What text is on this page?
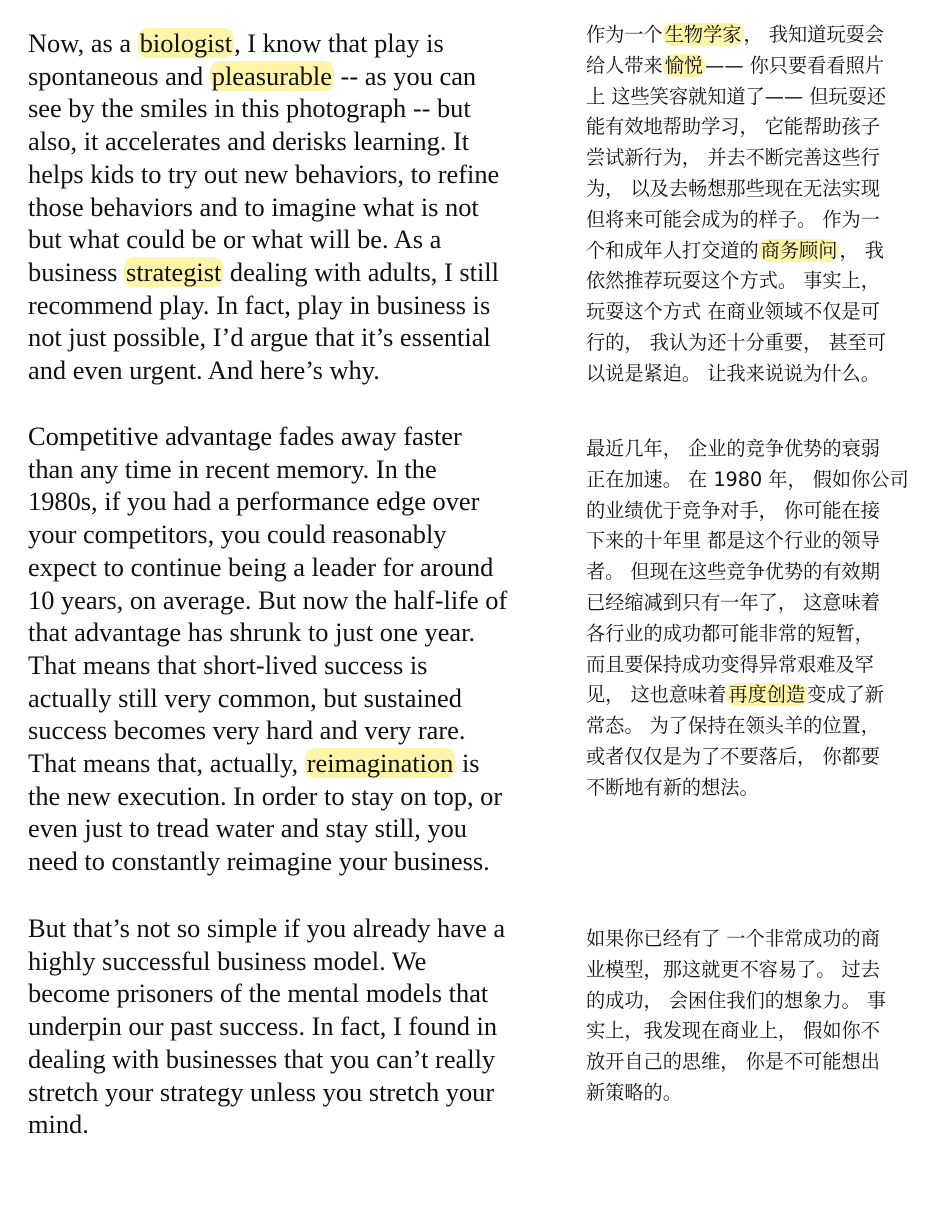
Now, as a biologist, I know that play is
spontaneous and pleasurable -- as you can
see by the smiles in this photograph -- but
also, it accelerates and derisks learning. It
helps kids to try out new behaviors, to refine
those behaviors and to imagine what is not
but what could be or what will be. As a
business strategist dealing with adults, I still
recommend play. In fact, play in business is
not just possible, I’d argue that it’s essential
and even urgent. And here’s why.
Competitive advantage fades away faster
than any time in recent memory. In the
1980s, if you had a performance edge over
your competitors, you could reasonably
expect to continue being a leader for around
10 years, on average. But now the half-life of
that advantage has shrunk to just one year.
That means that short-lived success is
actually still very common, but sustained
success becomes very hard and very rare.
That means that, actually, reimagination is
the new execution. In order to stay on top, or
even just to tread water and stay still, you
need to constantly reimagine your business.
But that’s not so simple if you already have a
highly successful business model. We
become prisoners of the mental models that
underpin our past success. In fact, I found in
dealing with businesses that you can’t really
stretch your strategy unless you stretch your
mind.
作为一个 生物学家 ， 我知道玩耍会
给人带来 愉悦 —— 你只要看看照片
上 这些笑容就知道了—— 但玩耍还
能有效地帮助学习， 它能帮助孩子
尝试新行为， 并去不断完善这些行
为， 以及去畅想那些现在无法实现
但将来可能会成为的样子。 作为一
个和成年人打交道的 商务顾问 ， 我
依然推荐玩耍这个方式。 事实上，
玩耍这个方式 在商业领域不仅是可
行的， 我认为还十分重要， 甚至可
以说是紧迫。 让我来说说为什么。
最近几年， 企业的竞争优势的衰弱
正在加速。 在 1980 年， 假如你公司
的业绩优于竞争对手， 你可能在接
下来的十年里 都是这个行业的领导
者。 但现在这些竞争优势的有效期
已经缩减到只有一年了， 这意味着
各行业的成功都可能非常的短暂，
而且要保持成功变得异常艰难及罕
见， 这也意味着 再度创造 变成了新
常态。 为了保持在领头羊的位置，
或者仅仅是为了不要落后， 你都要
不断地有新的想法。
如果你已经有了 一个非常成功的商
业模型，那这就更不容易了。 过去
的成功， 会困住我们的想象力。 事
实上，我发现在商业上， 假如你不
放开自己的思维， 你是不可能想出
新策略的。
